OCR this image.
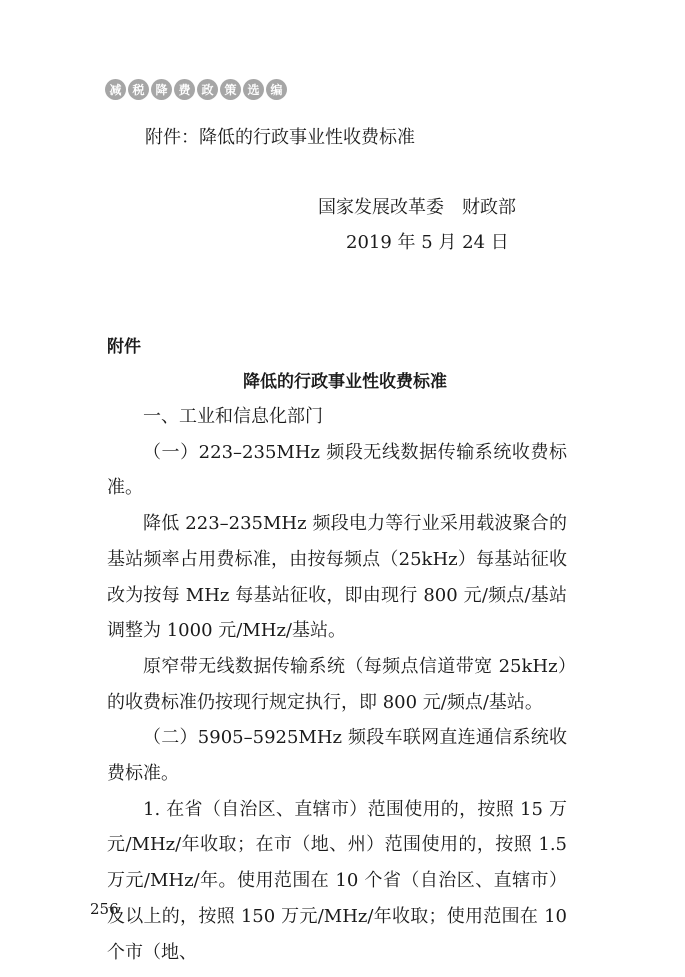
减 税 降 费 政 策 选 编
附件：降低的行政事业性收费标准
国家发展改革委　财政部
2019 年 5 月 24 日
附件
降低的行政事业性收费标准

一、工业和信息化部门

（一）223–235MHz 频段无线数据传输系统收费标准。

降低 223–235MHz 频段电力等行业采用载波聚合的基站频率占用费标准，由按每频点（25kHz）每基站征收改为按每 MHz 每基站征收，即由现行 800 元/频点/基站调整为 1000 元/MHz/基站。

原窄带无线数据传输系统（每频点信道带宽 25kHz）的收费标准仍按现行规定执行，即 800 元/频点/基站。

（二）5905–5925MHz 频段车联网直连通信系统收费标准。

1. 在省（自治区、直辖市）范围使用的，按照 15 万元/MHz/年收取；在市（地、州）范围使用的，按照 1.5 万元/MHz/年。使用范围在 10 个省（自治区、直辖市）及以上的，按照 150 万元/MHz/年收取；使用范围在 10 个市（地、

256
